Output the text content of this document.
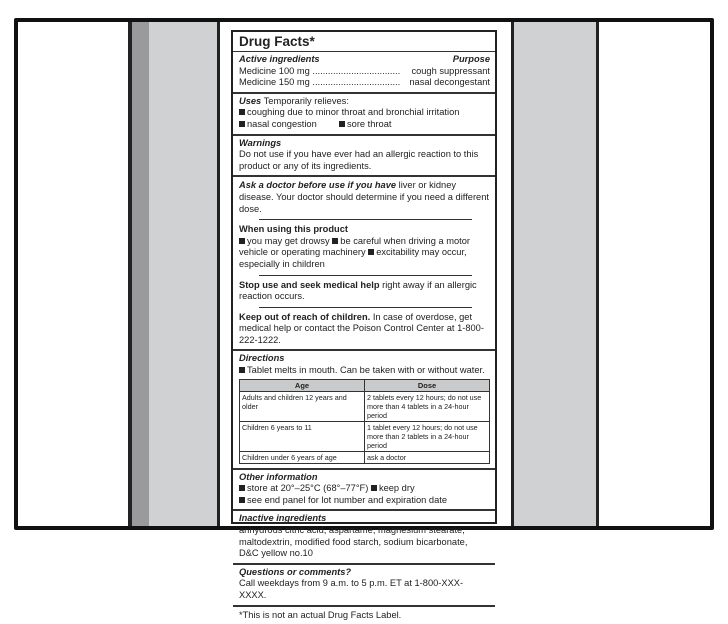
Drug Facts*
Active ingredients	Purpose
Medicine 100 mg .................................. cough suppressant
Medicine 150 mg .................................. nasal decongestant
Uses Temporarily relieves:
coughing due to minor throat and bronchial irritation
nasal congestion	sore throat
Warnings
Do not use if you have ever had an allergic reaction to this product or any of its ingredients.
Ask a doctor before use if you have liver or kidney disease. Your doctor should determine if you need a different dose.
When using this product
you may get drowsy be careful when driving a motor vehicle or operating machinery excitability may occur, especially in children
Stop use and seek medical help right away if an allergic reaction occurs.
Keep out of reach of children. In case of overdose, get medical help or contact the Poison Control Center at 1-800-222-1222.
Directions
Tablet melts in mouth. Can be taken with or without water.
Age	Dose
Adults and children 12 years and older	2 tablets every 12 hours; do not use more than 4 tablets in a 24-hour period
Children 6 years to 11	1 tablet every 12 hours; do not use more than 2 tablets in a 24-hour period
Children under 6 years of age	ask a doctor
Other information
store at 20°–25°C (68°–77°F) keep dry
see end panel for lot number and expiration date
Inactive ingredients
anhydrous citric acid, aspartame, magnesium stearate, maltodextrin, modified food starch, sodium bicarbonate, D&C yellow no.10
Questions or comments?
Call weekdays from 9 a.m. to 5 p.m. ET at 1-800-XXX-XXXX.
*This is not an actual Drug Facts Label.
